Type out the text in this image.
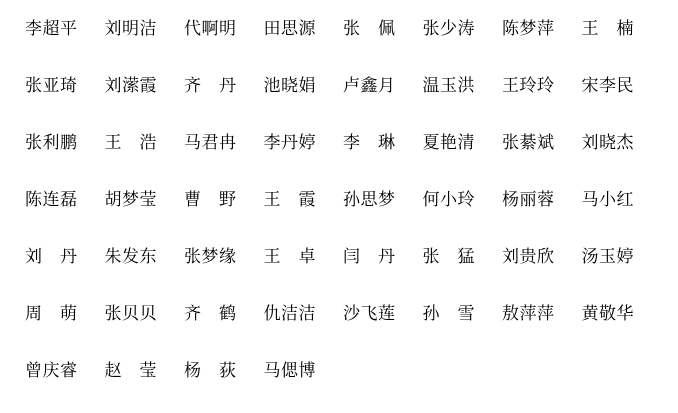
李超平 刘明洁 代啊明 田思源 张　佩 张少涛 陈梦萍 王　楠
张亚琦 刘潆霞 齐　丹 池晓娟 卢鑫月 温玉洪 王玲玲 宋李民
张利鹏 王　浩 马君冉 李丹婷 李　琳 夏艳清 张綦斌 刘晓杰
陈连磊 胡梦莹 曹　野 王　霞 孙思梦 何小玲 杨丽蓉 马小红
刘　丹 朱发东 张梦缘 王　卓 闫　丹 张　猛 刘贵欣 汤玉婷
周　萌 张贝贝 齐　鹤 仇洁洁 沙飞莲 孙　雪 敖萍萍 黄敬华
曾庆睿 赵　莹 杨　荻 马偲博
